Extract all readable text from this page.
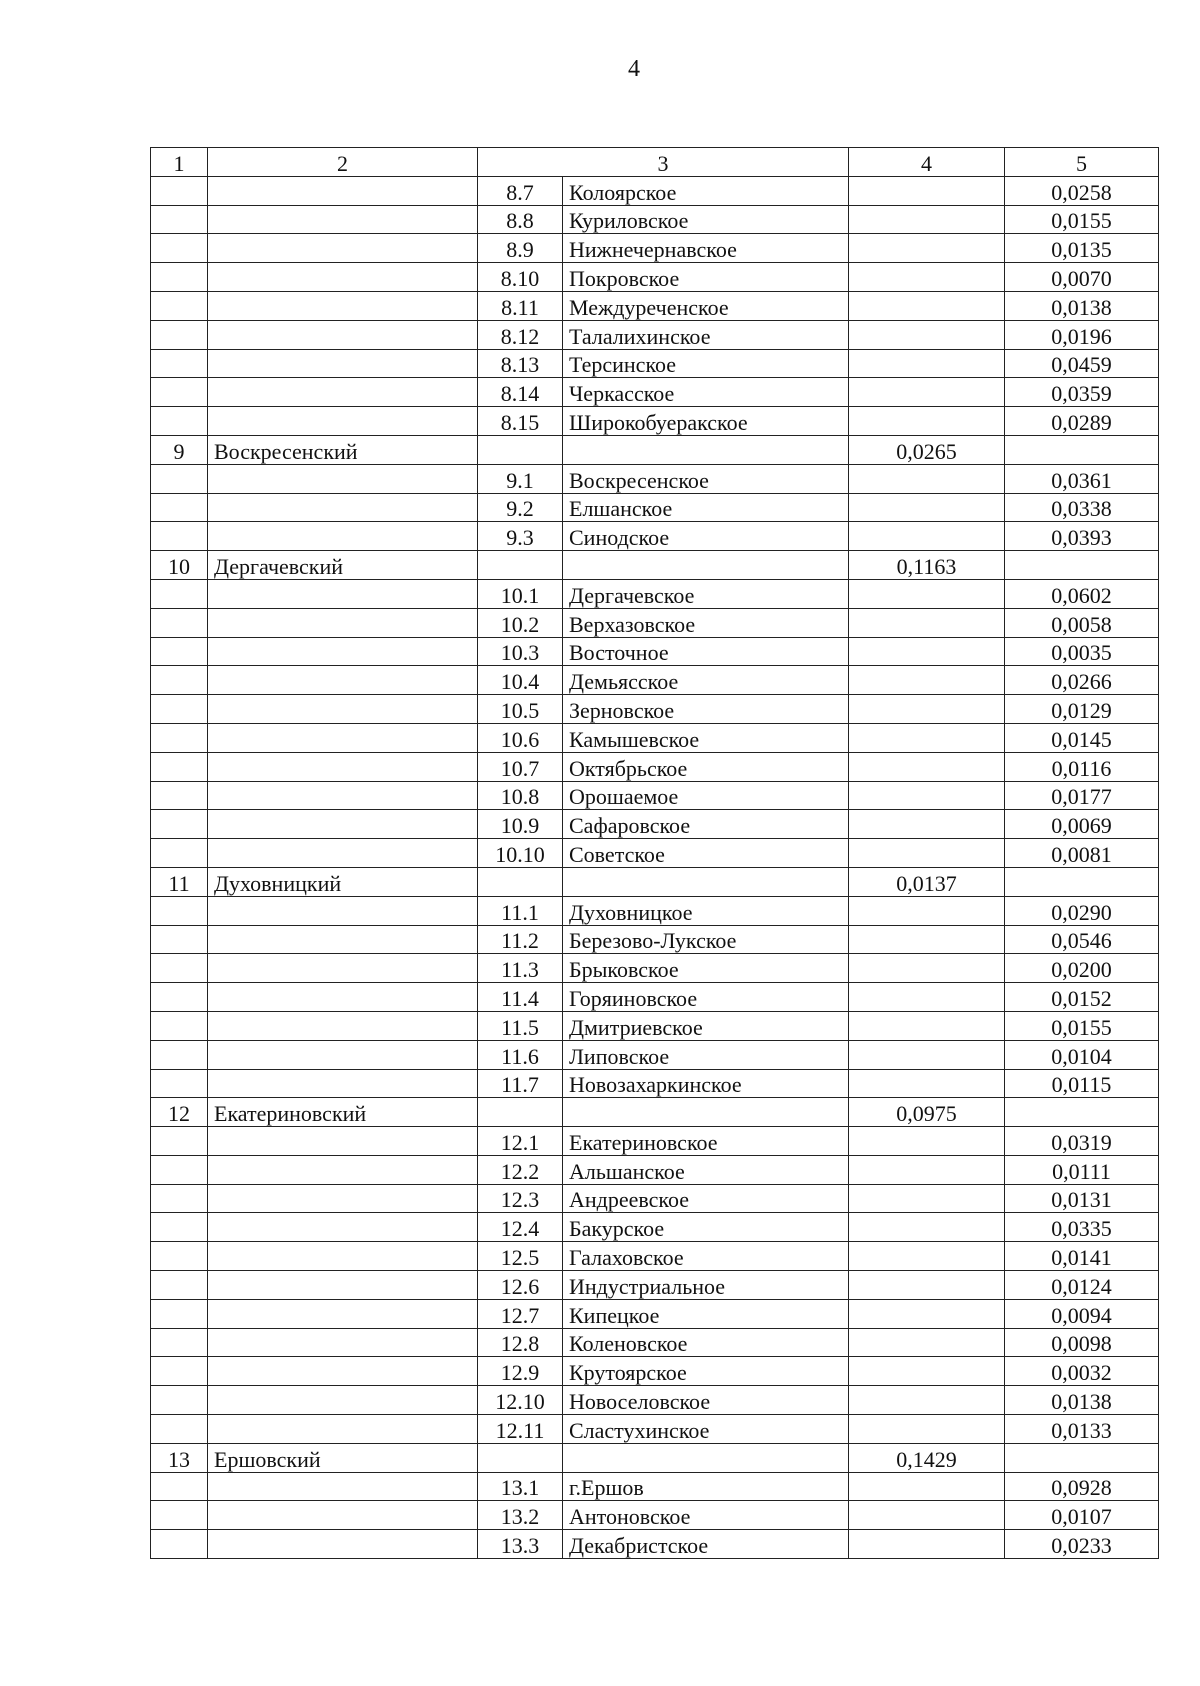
4
1	2	3		4	5
		8.7	Колоярское		0,0258
		8.8	Куриловское		0,0155
		8.9	Нижнечернавское		0,0135
		8.10	Покровское		0,0070
		8.11	Междуреченское		0,0138
		8.12	Талалихинское		0,0196
		8.13	Терсинское		0,0459
		8.14	Черкасское		0,0359
		8.15	Широкобуеракское		0,0289
9	Воскресенский			0,0265	
		9.1	Воскресенское		0,0361
		9.2	Елшанское		0,0338
		9.3	Синодское		0,0393
10	Дергачевский			0,1163	
		10.1	Дергачевское		0,0602
		10.2	Верхазовское		0,0058
		10.3	Восточное		0,0035
		10.4	Демьясское		0,0266
		10.5	Зерновское		0,0129
		10.6	Камышевское		0,0145
		10.7	Октябрьское		0,0116
		10.8	Орошаемое		0,0177
		10.9	Сафаровское		0,0069
		10.10	Советское		0,0081
11	Духовницкий			0,0137	
		11.1	Духовницкое		0,0290
		11.2	Березово-Лукское		0,0546
		11.3	Брыковское		0,0200
		11.4	Горяиновское		0,0152
		11.5	Дмитриевское		0,0155
		11.6	Липовское		0,0104
		11.7	Новозахаркинское		0,0115
12	Екатериновский			0,0975	
		12.1	Екатериновское		0,0319
		12.2	Альшанское		0,0111
		12.3	Андреевское		0,0131
		12.4	Бакурское		0,0335
		12.5	Галаховское		0,0141
		12.6	Индустриальное		0,0124
		12.7	Кипецкое		0,0094
		12.8	Коленовское		0,0098
		12.9	Крутоярское		0,0032
		12.10	Новоселовское		0,0138
		12.11	Сластухинское		0,0133
13	Ершовский			0,1429	
		13.1	г.Ершов		0,0928
		13.2	Антоновское		0,0107
		13.3	Декабристское		0,0233
